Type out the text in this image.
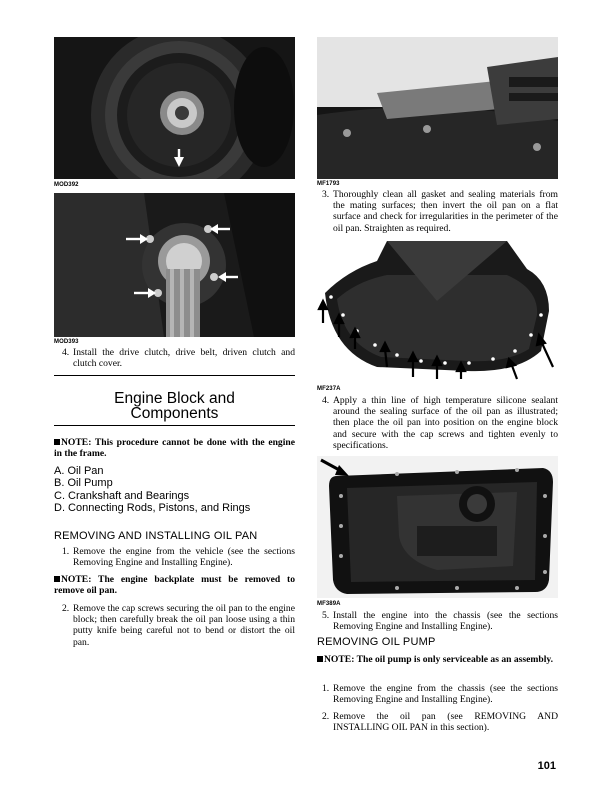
MOD392
MOD393
4. Install the drive clutch, drive belt, driven clutch and clutch cover.
Engine Block and
Components
NOTE: This procedure cannot be done with the engine in the frame.
A. Oil Pan
B. Oil Pump
C. Crankshaft and Bearings
D. Connecting Rods, Pistons, and Rings
REMOVING AND INSTALLING OIL PAN
1. Remove the engine from the vehicle (see the sections Removing Engine and Installing Engine).
NOTE: The engine backplate must be removed to remove oil pan.
2. Remove the cap screws securing the oil pan to the engine block; then carefully break the oil pan loose using a thin putty knife being careful not to bend or distort the oil pan.
MF1793
3. Thoroughly clean all gasket and sealing materials from the mating surfaces; then invert the oil pan on a flat surface and check for irregularities in the perimeter of the oil pan. Straighten as required.
MF237A
4. Apply a thin line of high temperature silicone sealant around the sealing surface of the oil pan as illustrated; then place the oil pan into position on the engine block and secure with the cap screws and tighten evenly to specifications.
MF389A
5. Install the engine into the chassis (see the sections Removing Engine and Installing Engine).
REMOVING OIL PUMP
NOTE: The oil pump is only serviceable as an assembly.
1. Remove the engine from the chassis (see the sections Removing Engine and Installing Engine).
2. Remove the oil pan (see REMOVING AND INSTALLING OIL PAN in this section).
101
